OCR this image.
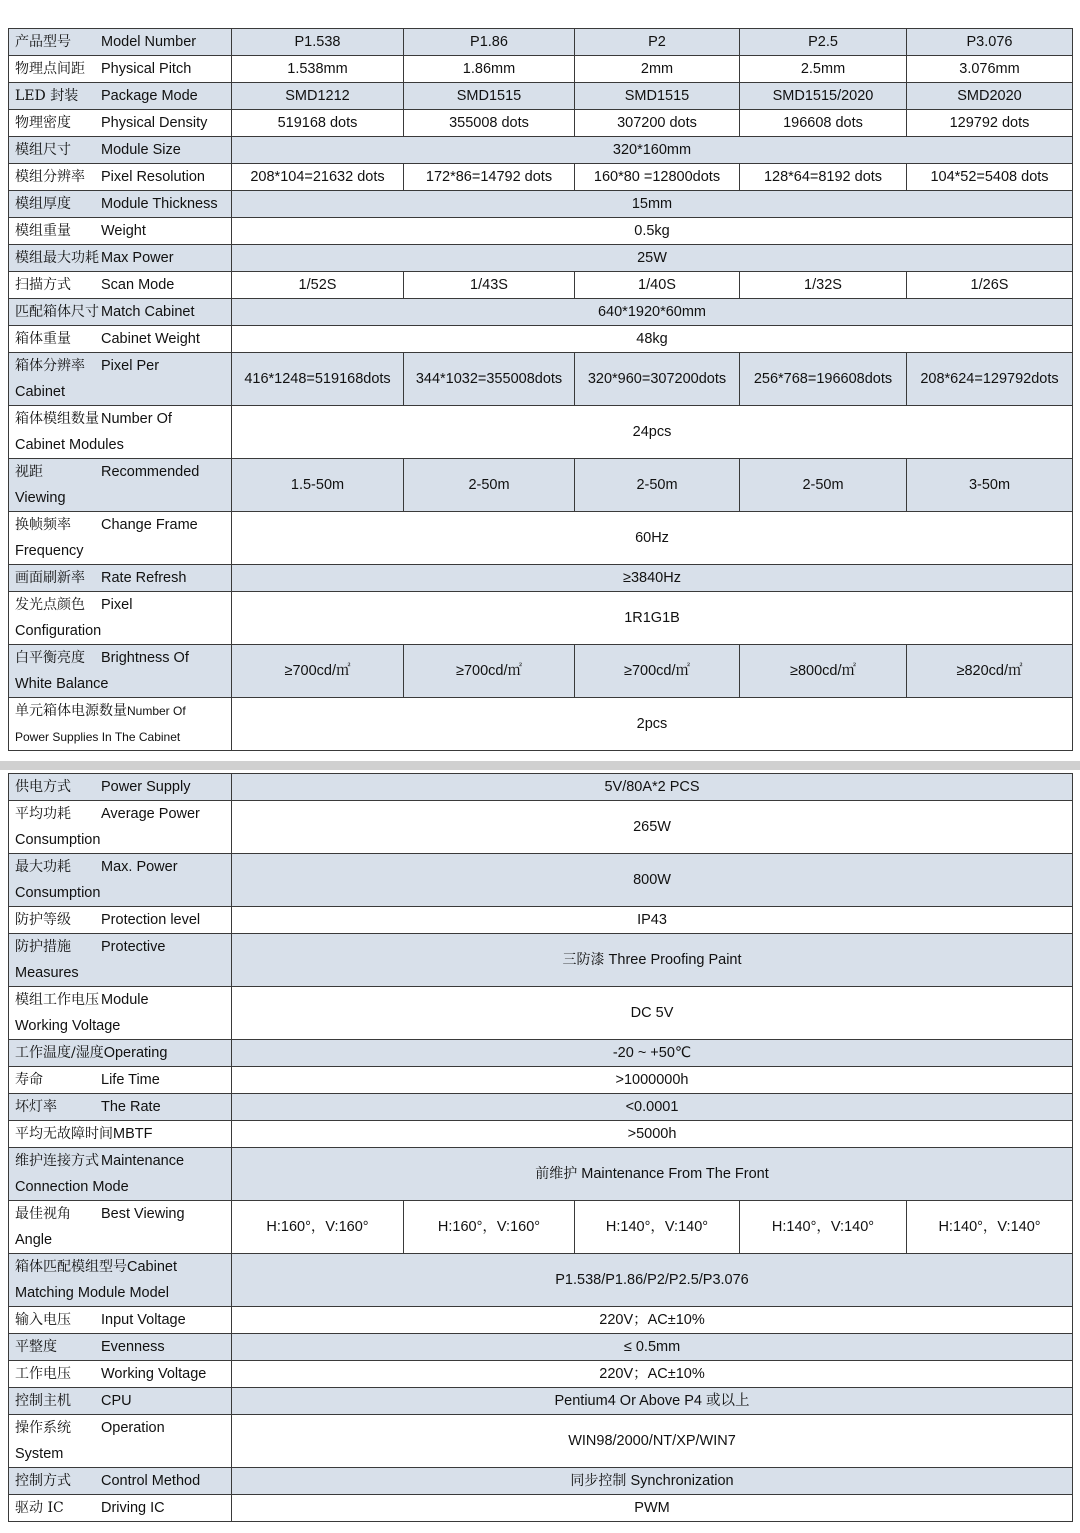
产品型号 Model Number	P1.538	P1.86	P2	P2.5	P3.076

物理点间距 Physical Pitch	1.538mm	1.86mm	2mm	2.5mm	3.076mm

LED 封装 Package Mode	SMD1212	SMD1515	SMD1515	SMD1515/2020	SMD2020

物理密度 Physical Density	519168 dots	355008 dots	307200 dots	196608 dots	129792 dots

模组尺寸 Module Size	320*160mm				

模组分辨率 Pixel Resolution	208*104=21632 dots	172*86=14792 dots	160*80 =12800dots	128*64=8192 dots	104*52=5408 dots

模组厚度 Module Thickness	15mm				

模组重量 Weight	0.5kg				

模组最大功耗 Max Power	25W				

扫描方式 Scan Mode	1/52S	1/43S	1/40S	1/32S	1/26S

匹配箱体尺寸 Match Cabinet	640*1920*60mm				

箱体重量 Cabinet Weight	48kg				

箱体分辨率 Pixel Per
Cabinet	416*1248=519168dots	344*1032=355008dots	320*960=307200dots	256*768=196608dots	208*624=129792dots

箱体模组数量 Number Of
Cabinet Modules	24pcs				

视距 Recommended
Viewing	1.5-50m	2-50m	2-50m	2-50m	3-50m

换帧频率 Change Frame
Frequency	60Hz				

画面刷新率 Rate Refresh	≥3840Hz				

发光点颜色 Pixel
Configuration	1R1G1B				

白平衡亮度 Brightness Of
White Balance	≥700cd/㎡	≥700cd/㎡	≥700cd/㎡	≥800cd/㎡	≥820cd/㎡

单元箱体电源数量Number Of
Power Supplies In The Cabinet	2pcs				
供电方式 Power Supply	5V/80A*2 PCS				

平均功耗 Average Power
Consumption	265W				

最大功耗 Max. Power
Consumption	800W				

防护等级 Protection level	IP43				

防护措施 Protective
Measures	三防漆 Three Proofing Paint				

模组工作电压 Module
Working Voltage	DC 5V				

工作温度/湿度Operating	-20 ~ +50℃				

寿命 Life Time	>1000000h				

坏灯率 The Rate	<0.0001				

平均无故障时间MBTF	>5000h				

维护连接方式 Maintenance
Connection Mode	前维护 Maintenance From The Front				

最佳视角 Best Viewing
Angle	H:160°，V:160°	H:160°，V:160°	H:140°，V:140°	H:140°，V:140°	H:140°，V:140°

箱体匹配模组型号Cabinet
Matching Module Model	P1.538/P1.86/P2/P2.5/P3.076				

输入电压 Input Voltage	220V；AC±10%				

平整度 Evenness	≤ 0.5mm				

工作电压 Working Voltage	220V；AC±10%				

控制主机 CPU	Pentium4 Or Above P4 或以上				

操作系统 Operation
System	WIN98/2000/NT/XP/WIN7				

控制方式 Control Method	同步控制 Synchronization				

驱动 IC Driving IC	PWM				
